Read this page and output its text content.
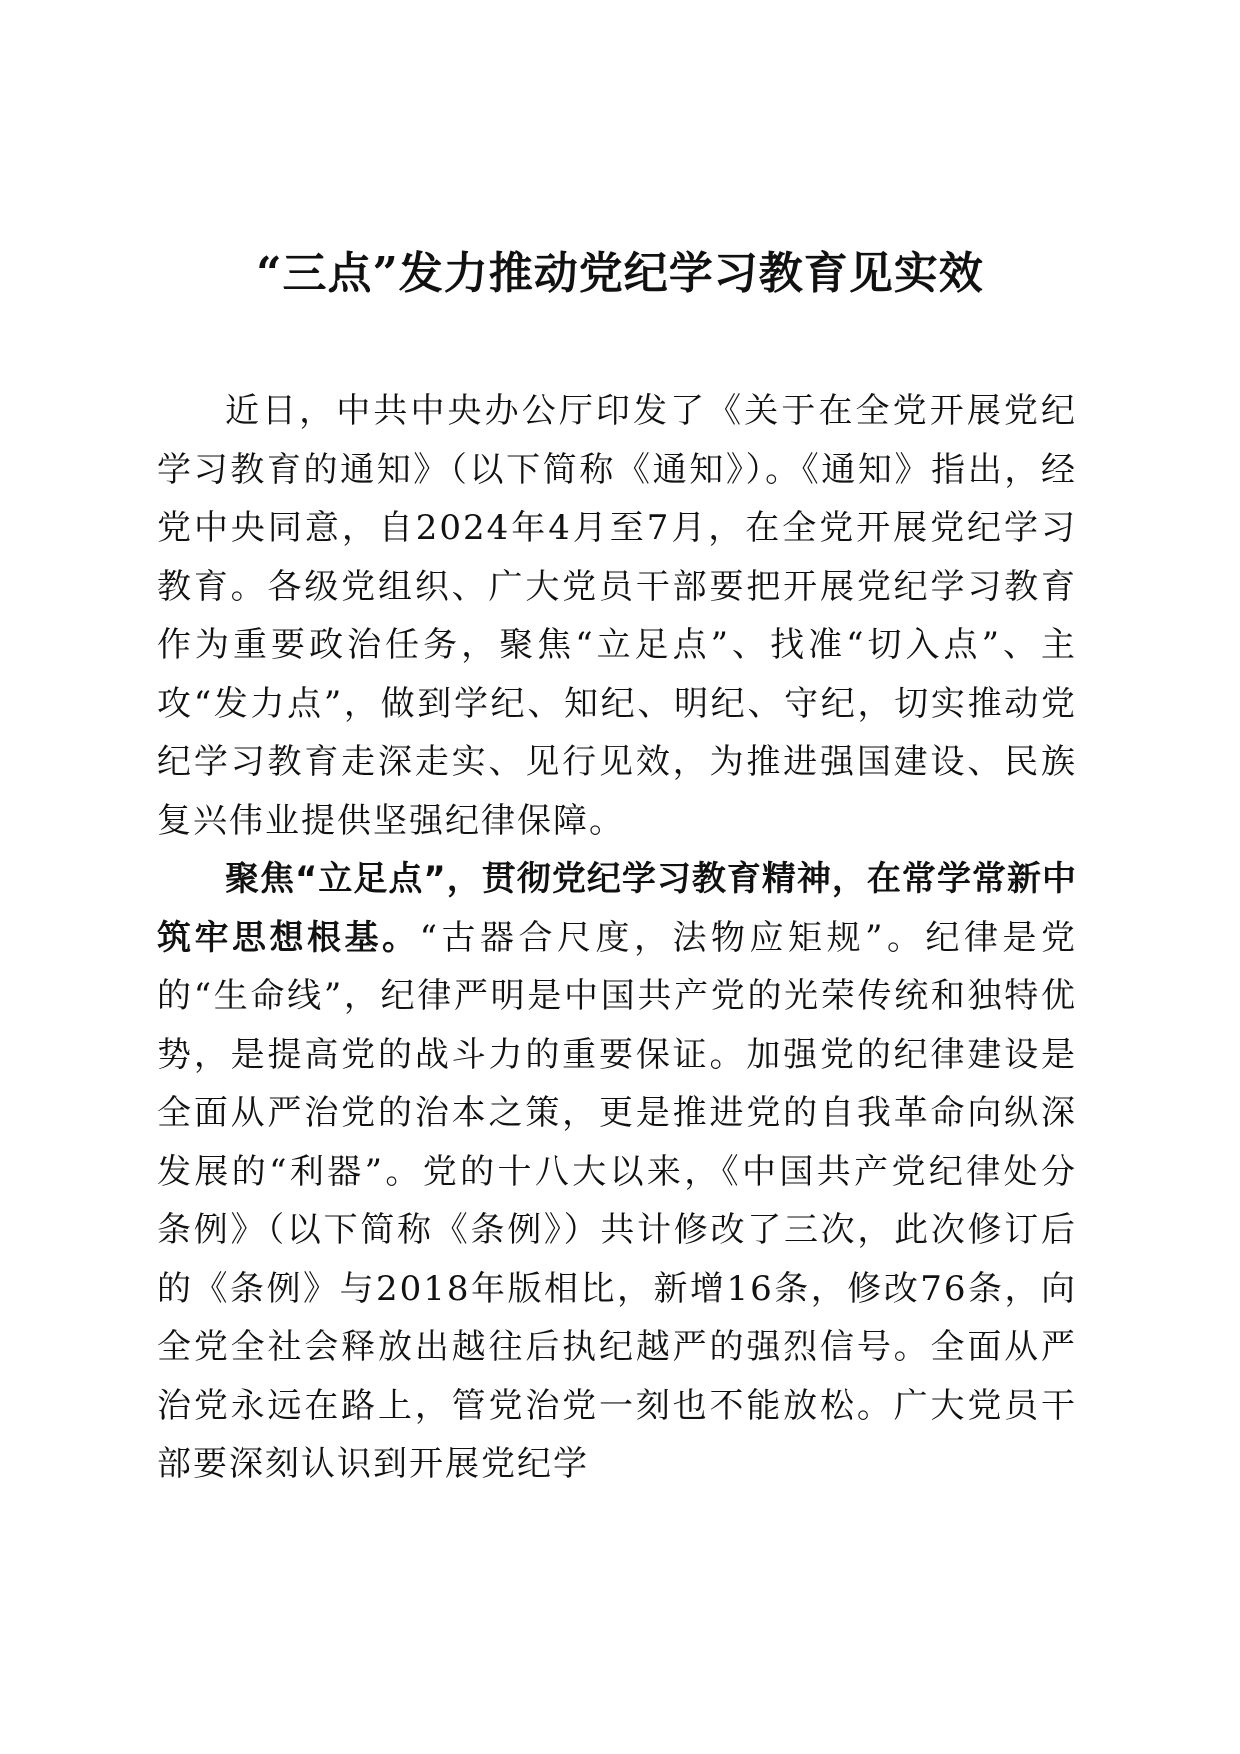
“三点”发力推动党纪学习教育见实效

近日，中共中央办公厅印发了《关于在全党开展党纪学习教育的通知》（以下简称《通知》）。《通知》指出，经党中央同意，自2024年4月至7月，在全党开展党纪学习教育。各级党组织、广大党员干部要把开展党纪学习教育作为重要政治任务，聚焦“立足点”、找准“切入点”、主攻“发力点”，做到学纪、知纪、明纪、守纪，切实推动党纪学习教育走深走实、见行见效，为推进强国建设、民族复兴伟业提供坚强纪律保障。

聚焦“立足点”，贯彻党纪学习教育精神，在常学常新中筑牢思想根基。“古器合尺度，法物应矩规”。纪律是党的“生命线”，纪律严明是中国共产党的光荣传统和独特优势，是提高党的战斗力的重要保证。加强党的纪律建设是全面从严治党的治本之策，更是推进党的自我革命向纵深发展的“利器”。党的十八大以来，《中国共产党纪律处分条例》（以下简称《条例》）共计修改了三次，此次修订后的《条例》与2018年版相比，新增16条，修改76条，向全党全社会释放出越往后执纪越严的强烈信号。全面从严治党永远在路上，管党治党一刻也不能放松。广大党员干部要深刻认识到开展党纪学
